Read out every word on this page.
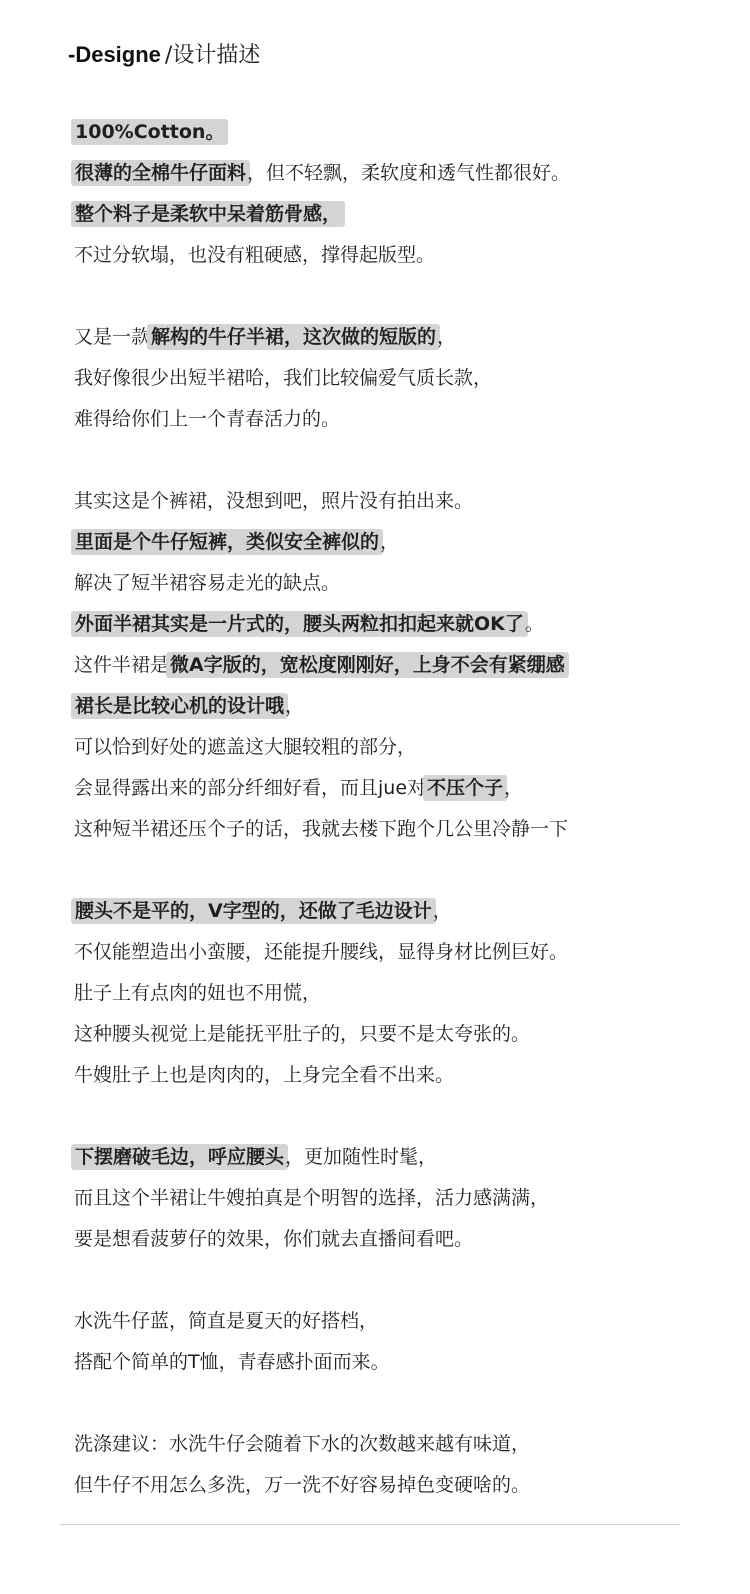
-Designe /设计描述
100%Cotton。
很薄的全棉牛仔面料，但不轻飘，柔软度和透气性都很好。
整个料子是柔软中呆着筋骨感，
不过分软塌，也没有粗硬感，撑得起版型。
又是一款解构的牛仔半裙，这次做的短版的，
我好像很少出短半裙哈，我们比较偏爱气质长款，
难得给你们上一个青春活力的。
其实这是个裤裙，没想到吧，照片没有拍出来。
里面是个牛仔短裤，类似安全裤似的，
解决了短半裙容易走光的缺点。
外面半裙其实是一片式的，腰头两粒扣扣起来就OK了。
这件半裙是微A字版的，宽松度刚刚好，上身不会有紧绷感
裙长是比较心机的设计哦，
可以恰到好处的遮盖这大腿较粗的部分，
会显得露出来的部分纤细好看，而且jue对不压个子，
这种短半裙还压个子的话，我就去楼下跑个几公里冷静一下
腰头不是平的，V字型的，还做了毛边设计，
不仅能塑造出小蛮腰，还能提升腰线，显得身材比例巨好。
肚子上有点肉的妞也不用慌，
这种腰头视觉上是能抚平肚子的，只要不是太夸张的。
牛嫂肚子上也是肉肉的，上身完全看不出来。
下摆磨破毛边，呼应腰头，更加随性时髦，
而且这个半裙让牛嫂拍真是个明智的选择，活力感满满，
要是想看菠萝仔的效果，你们就去直播间看吧。
水洗牛仔蓝，简直是夏天的好搭档，
搭配个简单的T恤，青春感扑面而来。
洗涤建议：水洗牛仔会随着下水的次数越来越有味道，
但牛仔不用怎么多洗，万一洗不好容易掉色变硬啥的。
